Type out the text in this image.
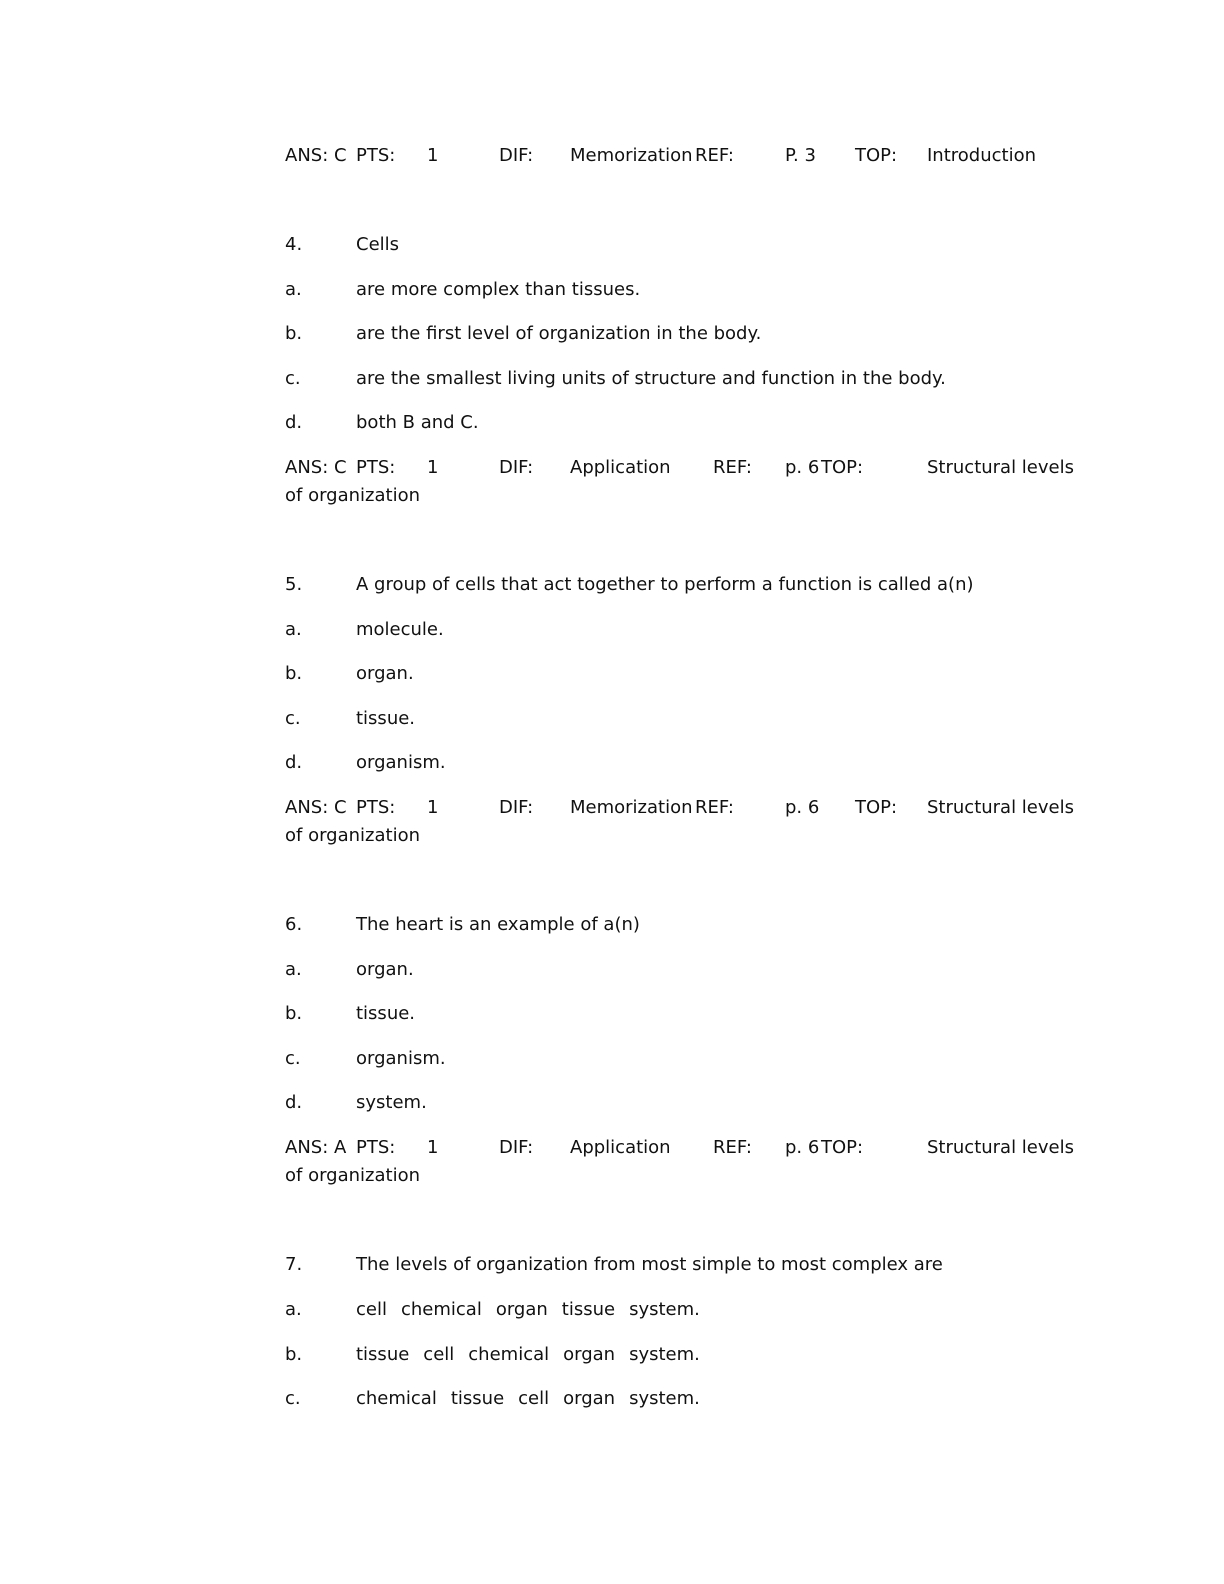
ANS: C PTS: 1	DIF: Memorization REF:	P. 3 TOP: Introduction
4.	Cells
a.	are more complex than tissues.
b.	are the first level of organization in the body.
c.	are the smallest living units of structure and function in the body.
d.	both B and C.
ANS: C PTS: 1	DIF: Application REF: p. 6 TOP:	Structural levels
of organization
5.	A group of cells that act together to perform a function is called a(n)
a.	molecule.
b.	organ.
c.	tissue.
d.	organism.
ANS: C PTS: 1	DIF: Memorization REF:	p. 6 TOP: Structural levels
of organization
6.	The heart is an example of a(n)
a.	organ.
b.	tissue.
c.	organism.
d.	system.
ANS: A PTS: 1	DIF: Application REF: p. 6 TOP:	Structural levels
of organization
7.	The levels of organization from most simple to most complex are
a.	cell chemical organ tissue system.
b.	tissue cell chemical organ system.
c.	chemical tissue cell organ system.
